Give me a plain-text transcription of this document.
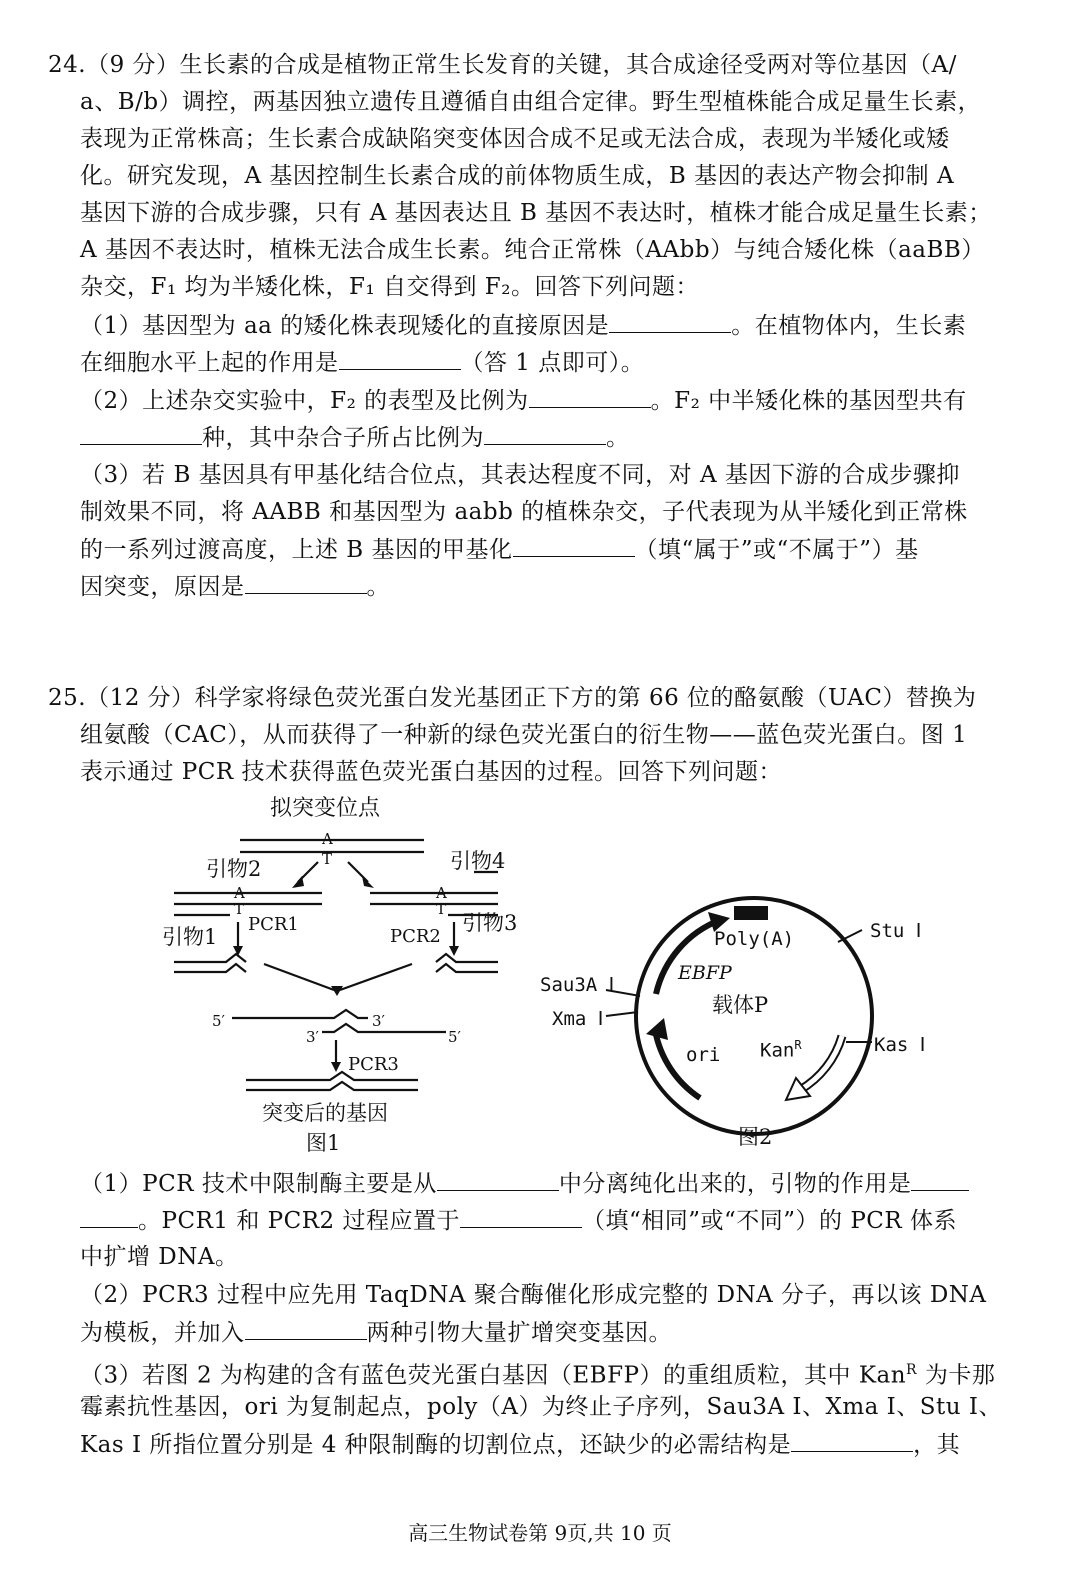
24.（9 分）生长素的合成是植物正常生长发育的关键，其合成途径受两对等位基因（A/
a、B/b）调控，两基因独立遗传且遵循自由组合定律。野生型植株能合成足量生长素，
表现为正常株高；生长素合成缺陷突变体因合成不足或无法合成，表现为半矮化或矮
化。研究发现，A 基因控制生长素合成的前体物质生成，B 基因的表达产物会抑制 A
基因下游的合成步骤，只有 A 基因表达且 B 基因不表达时，植株才能合成足量生长素；
A 基因不表达时，植株无法合成生长素。纯合正常株（AAbb）与纯合矮化株（aaBB）
杂交，F₁ 均为半矮化株，F₁ 自交得到 F₂。回答下列问题：
（1）基因型为 aa 的矮化株表现矮化的直接原因是	。在植物体内，生长素
在细胞水平上起的作用是	（答 1 点即可）。
（2）上述杂交实验中，F₂ 的表型及比例为	。F₂ 中半矮化株的基因型共有
种，其中杂合子所占比例为	。
（3）若 B 基因具有甲基化结合位点，其表达程度不同，对 A 基因下游的合成步骤抑
制效果不同，将 AABB 和基因型为 aabb 的植株杂交，子代表现为从半矮化到正常株
的一系列过渡高度，上述 B 基因的甲基化	（填“属于”或“不属于”）基
因突变，原因是	。
25.（12 分）科学家将绿色荧光蛋白发光基团正下方的第 66 位的酪氨酸（UAC）替换为
组氨酸（CAC），从而获得了一种新的绿色荧光蛋白的衍生物——蓝色荧光蛋白。图 1
表示通过 PCR 技术获得蓝色荧光蛋白基因的过程。回答下列问题：
拟突变位点
A
T
引物2	引物4
A
T
A
T
引物3
PCR1
引物1	PCR2
5′	3′
3′	5′
PCR3
突变后的基因
图1
Poly(A)	Stu Ⅰ
EBFP
Sau3A Ⅰ
载体P
Xma Ⅰ
Kan$^R$	Kas Ⅰ
ori
图2
（1）PCR 技术中限制酶主要是从	中分离纯化出来的，引物的作用是
。PCR1 和 PCR2 过程应置于	（填“相同”或“不同”）的 PCR 体系
中扩增 DNA。
（2）PCR3 过程中应先用 TaqDNA 聚合酶催化形成完整的 DNA 分子，再以该 DNA
为模板，并加入	两种引物大量扩增突变基因。
（3）若图 2 为构建的含有蓝色荧光蛋白基因（EBFP）的重组质粒，其中 Kan$^R$ 为卡那
霉素抗性基因，ori 为复制起点，poly（A）为终止子序列，Sau3A Ⅰ、Xma Ⅰ、Stu Ⅰ、
Kas Ⅰ 所指位置分别是 4 种限制酶的切割位点，还缺少的必需结构是	，其
高三生物试卷第 9页,共 10 页
